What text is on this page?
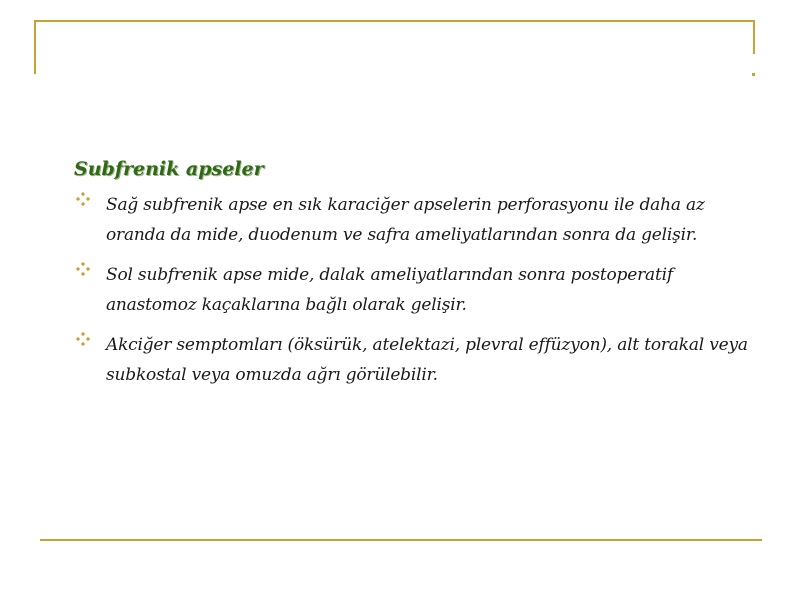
Subfrenik apseler
Sağ subfrenik apse en sık karaciğer apselerin perforasyonu ile daha az oranda da mide, duodenum ve safra ameliyatlarından sonra da gelişir.
Sol subfrenik apse mide, dalak ameliyatlarından sonra postoperatif anastomoz kaçaklarına bağlı olarak gelişir.
Akciğer semptomları (öksürük, atelektazi, plevral effüzyon), alt torakal veya subkostal veya omuzda ağrı görülebilir.
